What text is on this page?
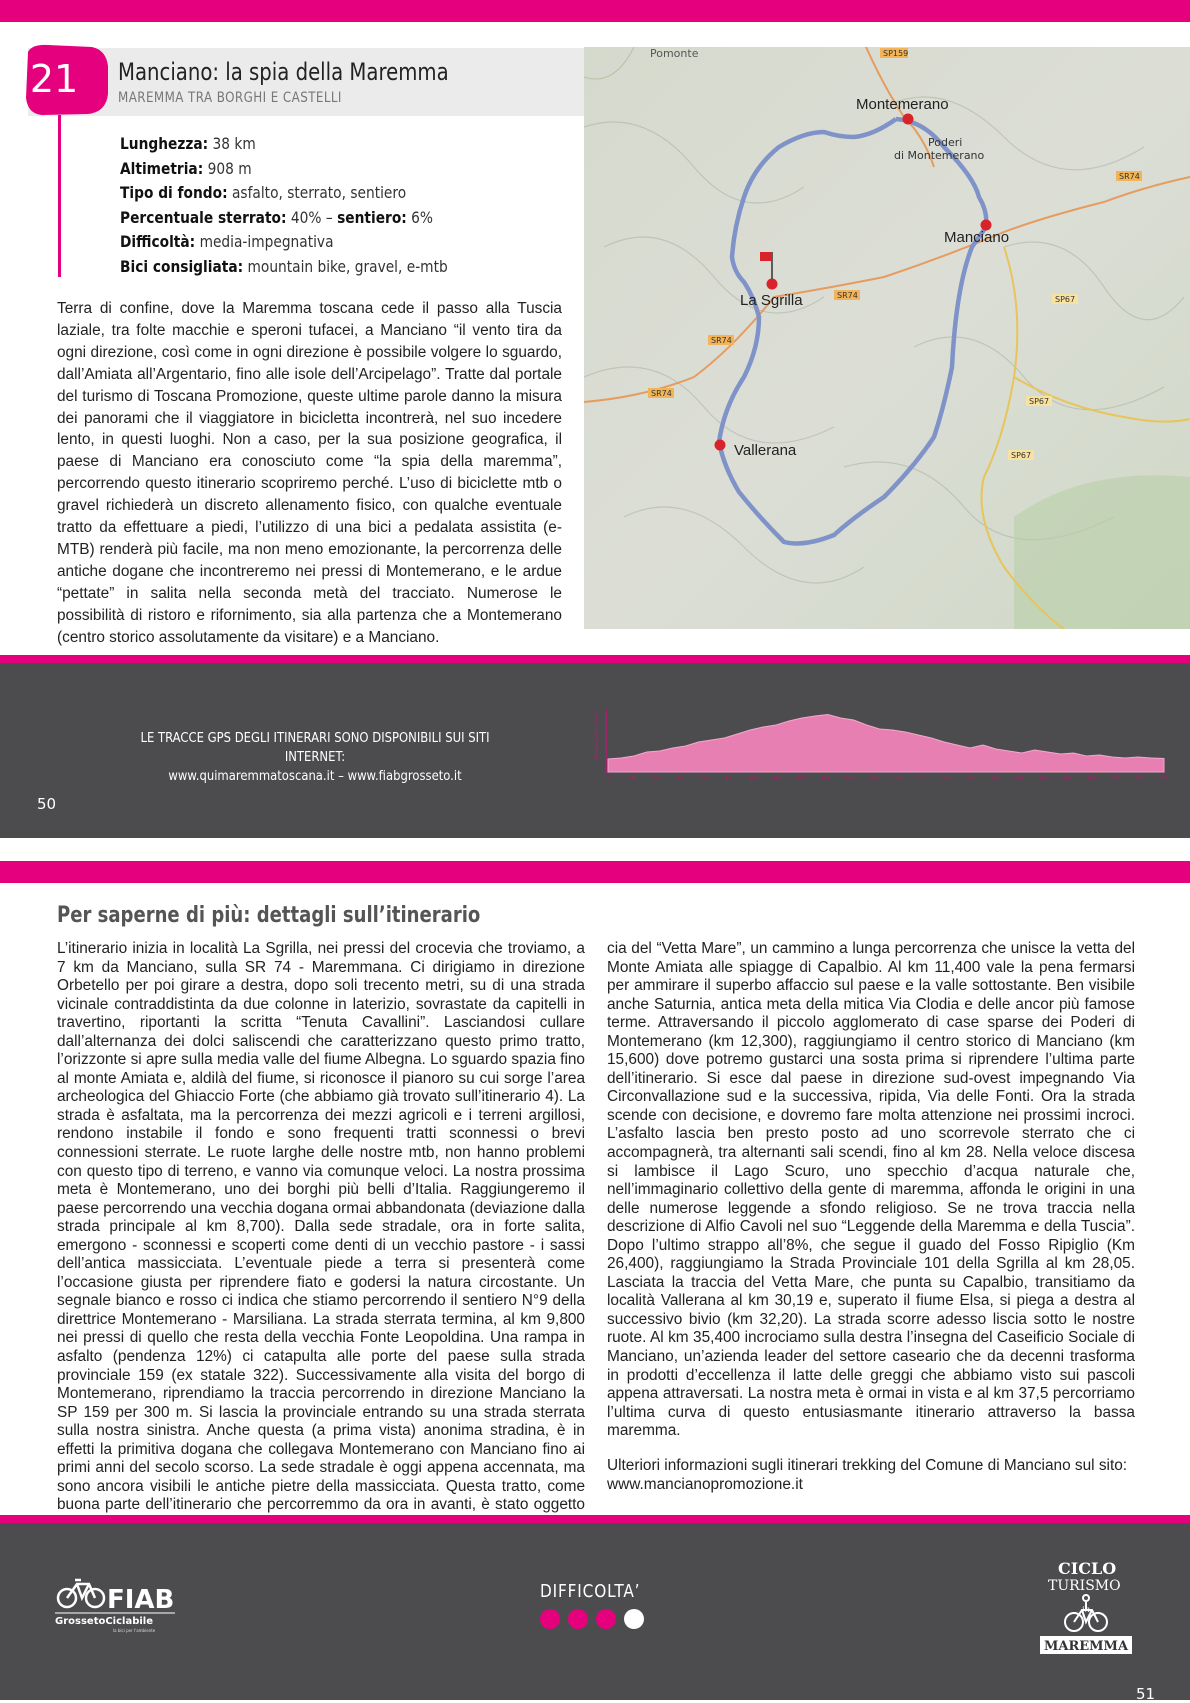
21 Manciano: la spia della Maremma
MAREMMA TRA BORGHI E CASTELLI
Lunghezza: 38 km
Altimetria: 908 m
Tipo di fondo: asfalto, sterrato, sentiero
Percentuale sterrato: 40% – sentiero: 6%
Difficoltà: media-impegnativa
Bici consigliata: mountain bike, gravel, e-mtb
Terra di confine, dove la Maremma toscana cede il passo alla Tuscia laziale, tra folte macchie e speroni tufacei, a Manciano “il vento tira da ogni direzione, così come in ogni direzione è possibile volgere lo sguardo, dall’Amiata all’Argentario, fino alle isole dell’Arcipelago”. Tratte dal portale del turismo di Toscana Promozione, queste ultime parole danno la misura dei panorami che il viaggiatore in bicicletta incontrerà, nel suo incedere lento, in questi luoghi. Non a caso, per la sua posizione geografica, il paese di Manciano era conosciuto come “la spia della maremma”, percorrendo questo itinerario scopriremo perché. L’uso di biciclette mtb o gravel richiederà un discreto allenamento fisico, con qualche eventuale tratto da effettuare a piedi, l’utilizzo di una bici a pedalata assistita (e-MTB) renderà più facile, ma non meno emozionante, la percorrenza delle antiche dogane che incontreremo nei pressi di Montemerano, e le ardue “pettate” in salita nella seconda metà del tracciato. Numerose le possibilità di ristoro e rifornimento, sia alla partenza che a Montemerano (centro storico assolutamente da visitare) e a Manciano.
Pomonte
Montemerano
Poderi
di Montemerano
Manciano
La Sgrilla
Vallerana
SP159
SR74
SR74
SR74
SR74
SP67
SP67
SP67
LE TRACCE GPS DEGLI ITINERARI SONO DISPONIBILI SUI SITI INTERNET:
www.quimaremmatoscana.it – www.fiabgrosseto.it
altitudine (metri s.l.m.)
0	1,89	3,5	5,0	7,5	8,6	10,4	12,1	13,7	15,1	16,5	18,0	19,6	21,1	22,8	24,3	25,8	27,4	28,9	30,5	32,1	33,8	35,3	37,0
50
Per saperne di più: dettagli sull’itinerario
L’itinerario inizia in località La Sgrilla, nei pressi del crocevia che troviamo, a 7 km da Manciano, sulla SR 74 - Maremmana. Ci dirigiamo in direzione Orbetello per poi girare a destra, dopo soli trecento metri, su di una strada vicinale contraddistinta da due colonne in laterizio, sovrastate da capitelli in travertino, riportanti la scritta “Tenuta Cavallini”. Lasciandosi cullare dall’alternanza dei dolci saliscendi che caratterizzano questo primo tratto, l’orizzonte si apre sulla media valle del fiume Albegna. Lo sguardo spazia fino al monte Amiata e, aldilà del fiume, si riconosce il pianoro su cui sorge l’area archeologica del Ghiaccio Forte (che abbiamo già trovato sull’itinerario 4). La strada è asfaltata, ma la percorrenza dei mezzi agricoli e i terreni argillosi, rendono instabile il fondo e sono frequenti tratti sconnessi o brevi connessioni sterrate. Le ruote larghe delle nostre mtb, non hanno problemi con questo tipo di terreno, e vanno via comunque veloci. La nostra prossima meta è Montemerano, uno dei borghi più belli d’Italia. Raggiungeremo il paese percorrendo una vecchia dogana ormai abbandonata (deviazione dalla strada principale al km 8,700). Dalla sede stradale, ora in forte salita, emergono - sconnessi e scoperti come denti di un vecchio pastore - i sassi dell’antica massicciata. L’eventuale piede a terra si presenterà come l’occasione giusta per riprendere fiato e godersi la natura circostante. Un segnale bianco e rosso ci indica che stiamo percorrendo il sentiero N°9 della direttrice Montemerano - Marsiliana. La strada sterrata termina, al km 9,800 nei pressi di quello che resta della vecchia Fonte Leopoldina. Una rampa in asfalto (pendenza 12%) ci catapulta alle porte del paese sulla strada provinciale 159 (ex statale 322). Successivamente alla visita del borgo di Montemerano, riprendiamo la traccia percorrendo in direzione Manciano la SP 159 per 300 m. Si lascia la provinciale entrando su una strada sterrata sulla nostra sinistra. Anche questa (a prima vista) anonima stradina, è in effetti la primitiva dogana che collegava Montemerano con Manciano fino ai primi anni del secolo scorso. La sede stradale è oggi appena accennata, ma sono ancora visibili le antiche pietre della massicciata. Questa tratto, come buona parte dell’itinerario che percorremmo da ora in avanti, è stato oggetto
cia del “Vetta Mare”, un cammino a lunga percorrenza che unisce la vetta del Monte Amiata alle spiagge di Capalbio. Al km 11,400 vale la pena fermarsi per ammirare il superbo affaccio sul paese e la valle sottostante. Ben visibile anche Saturnia, antica meta della mitica Via Clodia e delle ancor più famose terme. Attraversando il piccolo agglomerato di case sparse dei Poderi di Montemerano (km 12,300), raggiungiamo il centro storico di Manciano (km 15,600) dove potremo gustarci una sosta prima si riprendere l’ultima parte dell’itinerario. Si esce dal paese in direzione sud-ovest impegnando Via Circonvallazione sud e la successiva, ripida, Via delle Fonti. Ora la strada scende con decisione, e dovremo fare molta attenzione nei prossimi incroci. L’asfalto lascia ben presto posto ad uno scorrevole sterrato che ci accompagnerà, tra alternanti sali scendi, fino al km 28. Nella veloce discesa si lambisce il Lago Scuro, uno specchio d’acqua naturale che, nell’immaginario collettivo della gente di maremma, affonda le origini in una delle numerose leggende a sfondo religioso. Se ne trova traccia nella descrizione di Alfio Cavoli nel suo “Leggende della Maremma e della Tuscia”. Dopo l’ultimo strappo all’8%, che segue il guado del Fosso Ripiglio (Km 26,400), raggiungiamo la Strada Provinciale 101 della Sgrilla al km 28,05. Lasciata la traccia del Vetta Mare, che punta su Capalbio, transitiamo da località Vallerana al km 30,19 e, superato il fiume Elsa, si piega a destra al successivo bivio (km 32,20). La strada scorre adesso liscia sotto le nostre ruote. Al km 35,400 incrociamo sulla destra l’insegna del Caseificio Sociale di Manciano, un’azienda leader del settore caseario che da decenni trasforma in prodotti d’eccellenza il latte delle greggi che abbiamo visto sui pascoli appena attraversati. La nostra meta è ormai in vista e al km 37,5 percorriamo l’ultima curva di questo entusiasmante itinerario attraverso la bassa maremma.
Ulteriori informazioni sugli itinerari trekking del Comune di Manciano sul sito:
www.mancianopromozione.it
FIAB
GrossetoCiclabile
la bici per l'ambiente
DIFFICOLTA’
CICLO
TURISMO
in
MAREMMA
51
